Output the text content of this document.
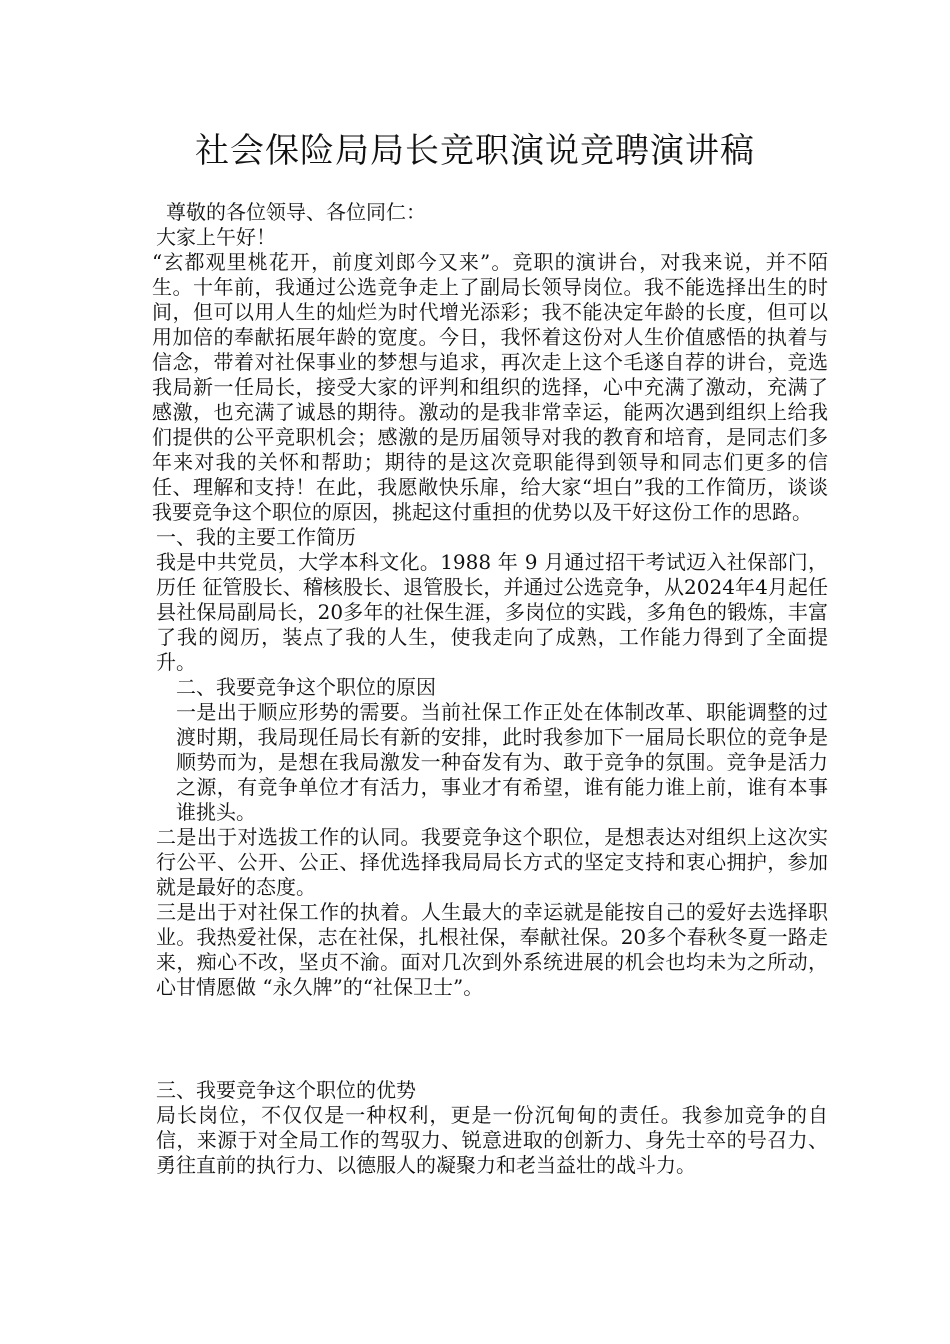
社会保险局局长竞职演说竞聘演讲稿

尊敬的各位领导、各位同仁：

大家上午好！

“玄都观里桃花开，前度刘郎今又来”。竞职的演讲台，对我来说，并不陌生。十年前，我通过公选竞争走上了副局长领导岗位。我不能选择出生的时间，但可以用人生的灿烂为时代增光添彩；我不能决定年龄的长度，但可以用加倍的奉献拓展年龄的宽度。今日，我怀着这份对人生价值感悟的执着与信念，带着对社保事业的梦想与追求，再次走上这个毛遂自荐的讲台，竞选我局新一任局长，接受大家的评判和组织的选择，心中充满了激动，充满了感激，也充满了诚恳的期待。激动的是我非常幸运，能两次遇到组织上给我们提供的公平竞职机会；感激的是历届领导对我的教育和培育，是同志们多年来对我的关怀和帮助；期待的是这次竞职能得到领导和同志们更多的信任、理解和支持！在此，我愿敞快乐扉，给大家“坦白”我的工作简历，谈谈我要竞争这个职位的原因，挑起这付重担的优势以及干好这份工作的思路。

一、我的主要工作简历

我是中共党员，大学本科文化。1988 年 9 月通过招干考试迈入社保部门，历任 征管股长、稽核股长、退管股长，并通过公选竞争，从2024年4月起任县社保局副局长，20多年的社保生涯，多岗位的实践，多角色的锻炼，丰富了我的阅历，装点了我的人生，使我走向了成熟，工作能力得到了全面提升。

二、我要竞争这个职位的原因

一是出于顺应形势的需要。当前社保工作正处在体制改革、职能调整的过渡时期，我局现任局长有新的安排，此时我参加下一届局长职位的竞争是顺势而为，是想在我局激发一种奋发有为、敢于竞争的氛围。竞争是活力之源，有竞争单位才有活力，事业才有希望，谁有能力谁上前，谁有本事谁挑头。

二是出于对选拔工作的认同。我要竞争这个职位，是想表达对组织上这次实行公平、公开、公正、择优选择我局局长方式的坚定支持和衷心拥护，参加就是最好的态度。

三是出于对社保工作的执着。人生最大的幸运就是能按自己的爱好去选择职业。我热爱社保，志在社保，扎根社保，奉献社保。20多个春秋冬夏一路走来，痴心不改，坚贞不渝。面对几次到外系统进展的机会也均未为之所动，心甘情愿做 “永久牌”的“社保卫士”。

三、我要竞争这个职位的优势

局长岗位，不仅仅是一种权利，更是一份沉甸甸的责任。我参加竞争的自信，来源于对全局工作的驾驭力、锐意进取的创新力、身先士卒的号召力、勇往直前的执行力、以德服人的凝聚力和老当益壮的战斗力。
